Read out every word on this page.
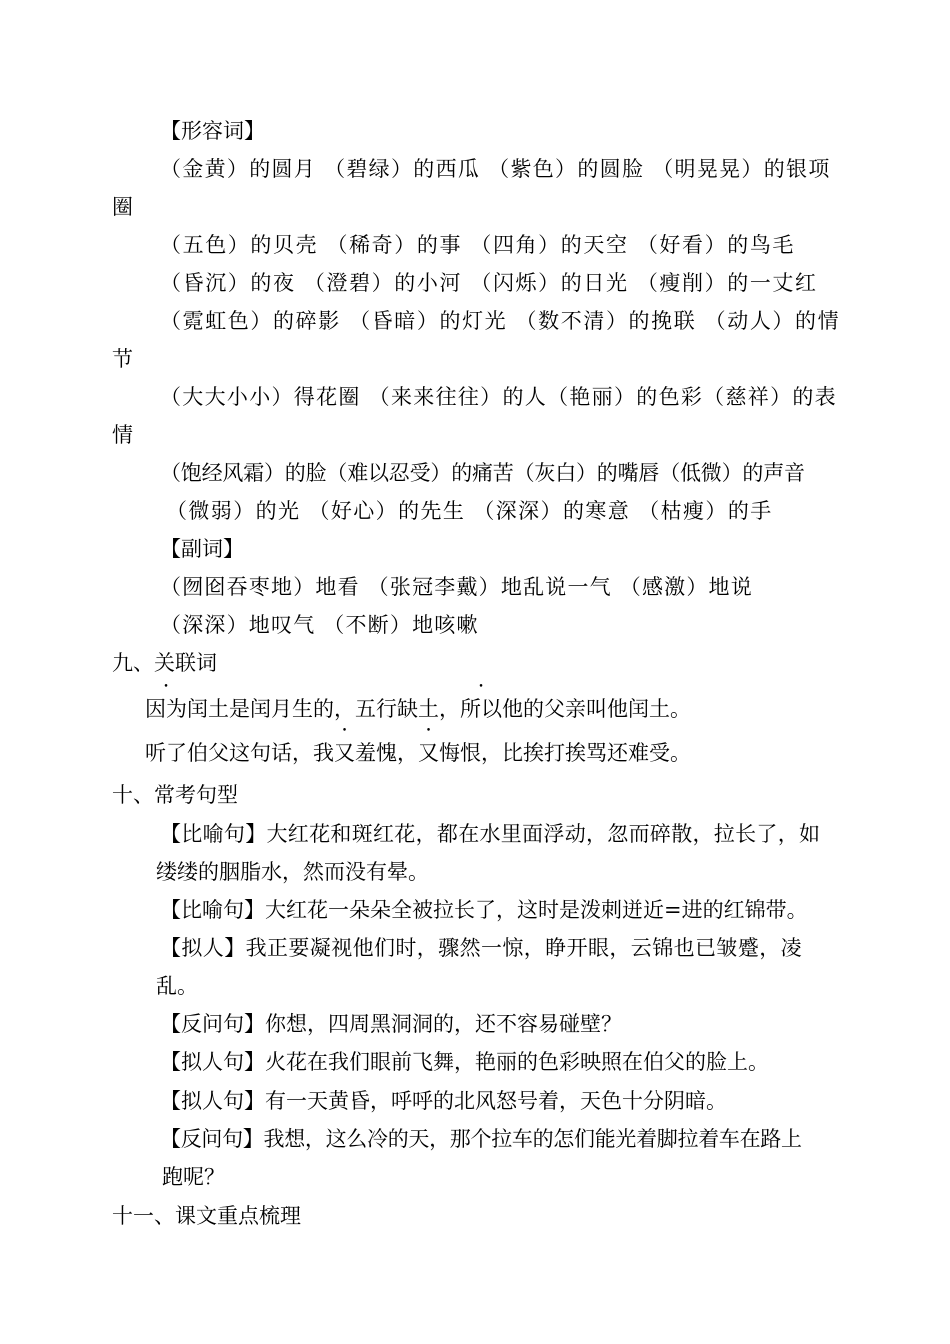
【形容词】
（金黄）的圆月 （碧绿）的西瓜 （紫色）的圆脸 （明晃晃）的银项
圈
（五色）的贝壳 （稀奇）的事 （四角）的天空 （好看）的鸟毛
（昏沉）的夜 （澄碧）的小河 （闪烁）的日光 （瘦削）的一丈红
（霓虹色）的碎影 （昏暗）的灯光 （数不清）的挽联 （动人）的情
节
（大大小小）得花圈 （来来往往）的人（艳丽）的色彩（慈祥）的表
情
（饱经风霜）的脸（难以忍受）的痛苦（灰白）的嘴唇（低微）的声音
（微弱）的光 （好心）的先生 （深深）的寒意 （枯瘦）的手
【副词】
（囫囵吞枣地）地看 （张冠李戴）地乱说一气 （感激）地说
（深深）地叹气 （不断）地咳嗽
九、关联词
因为闰土是闰月生的，五行缺土，所以他的父亲叫他闰土。
听了伯父这句话，我又羞愧，又悔恨，比挨打挨骂还难受。
十、常考句型
【比喻句】大红花和斑红花，都在水里面浮动，忽而碎散，拉长了，如
缕缕的胭脂水，然而没有晕。
【比喻句】大红花一朵朵全被拉长了，这时是泼刺迸近=进的红锦带。
【拟人】我正要凝视他们时，骤然一惊，睁开眼，云锦也已皱蹙，凌
乱。
【反问句】你想，四周黑洞洞的，还不容易碰壁？
【拟人句】火花在我们眼前飞舞，艳丽的色彩映照在伯父的脸上。
【拟人句】有一天黄昏，呼呼的北风怒号着，天色十分阴暗。
【反问句】我想，这么冷的天，那个拉车的怎们能光着脚拉着车在路上
跑呢？
十一、课文重点梳理
